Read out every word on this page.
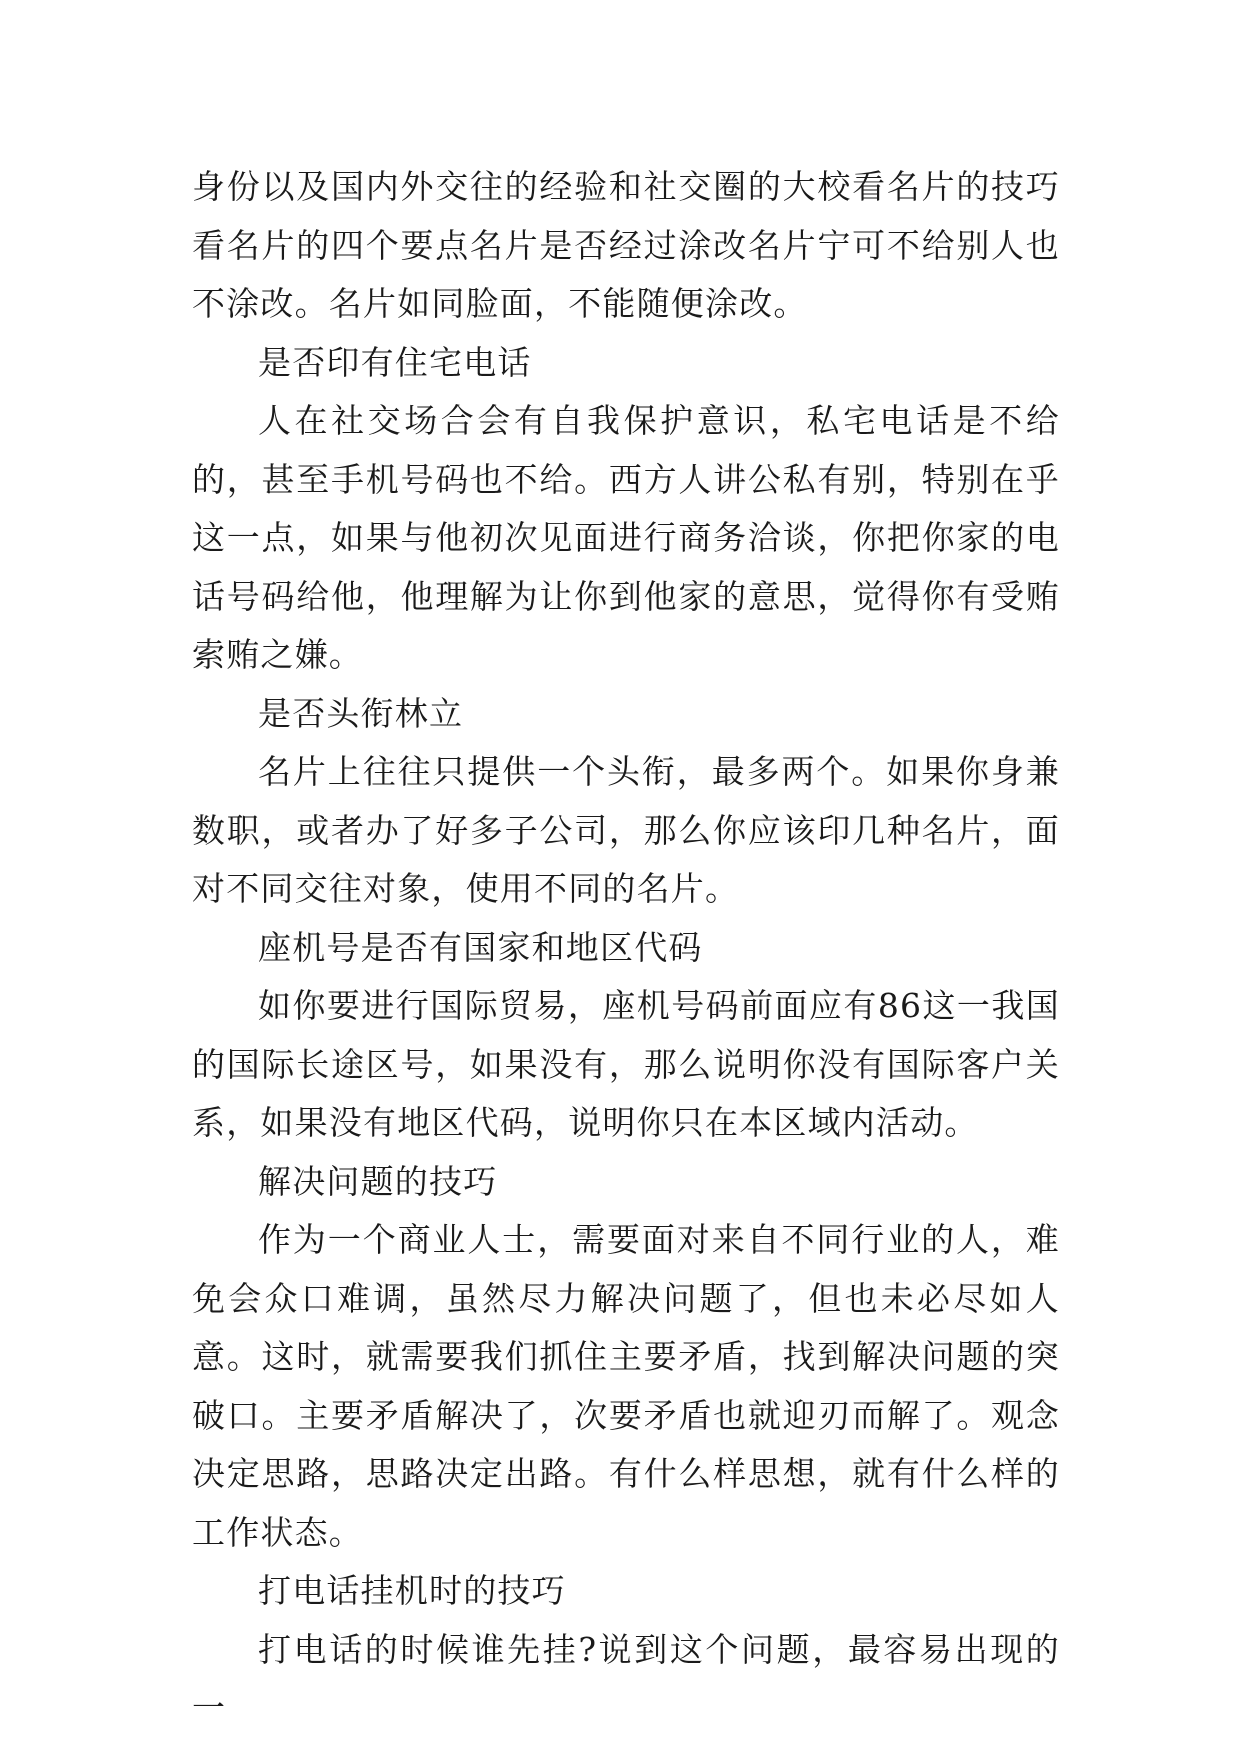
身份以及国内外交往的经验和社交圈的大校看名片的技巧看名片的四个要点名片是否经过涂改名片宁可不给别人也不涂改。名片如同脸面，不能随便涂改。

是否印有住宅电话

人在社交场合会有自我保护意识，私宅电话是不给的，甚至手机号码也不给。西方人讲公私有别，特别在乎这一点，如果与他初次见面进行商务洽谈，你把你家的电话号码给他，他理解为让你到他家的意思，觉得你有受贿索贿之嫌。

是否头衔林立

名片上往往只提供一个头衔，最多两个。如果你身兼数职，或者办了好多子公司，那么你应该印几种名片，面对不同交往对象，使用不同的名片。

座机号是否有国家和地区代码

如你要进行国际贸易，座机号码前面应有86这一我国的国际长途区号，如果没有，那么说明你没有国际客户关系，如果没有地区代码，说明你只在本区域内活动。

解决问题的技巧

作为一个商业人士，需要面对来自不同行业的人，难免会众口难调，虽然尽力解决问题了，但也未必尽如人意。这时，就需要我们抓住主要矛盾，找到解决问题的突破口。主要矛盾解决了，次要矛盾也就迎刃而解了。观念决定思路，思路决定出路。有什么样思想，就有什么样的工作状态。

打电话挂机时的技巧

打电话的时候谁先挂?说到这个问题，最容易出现的一
